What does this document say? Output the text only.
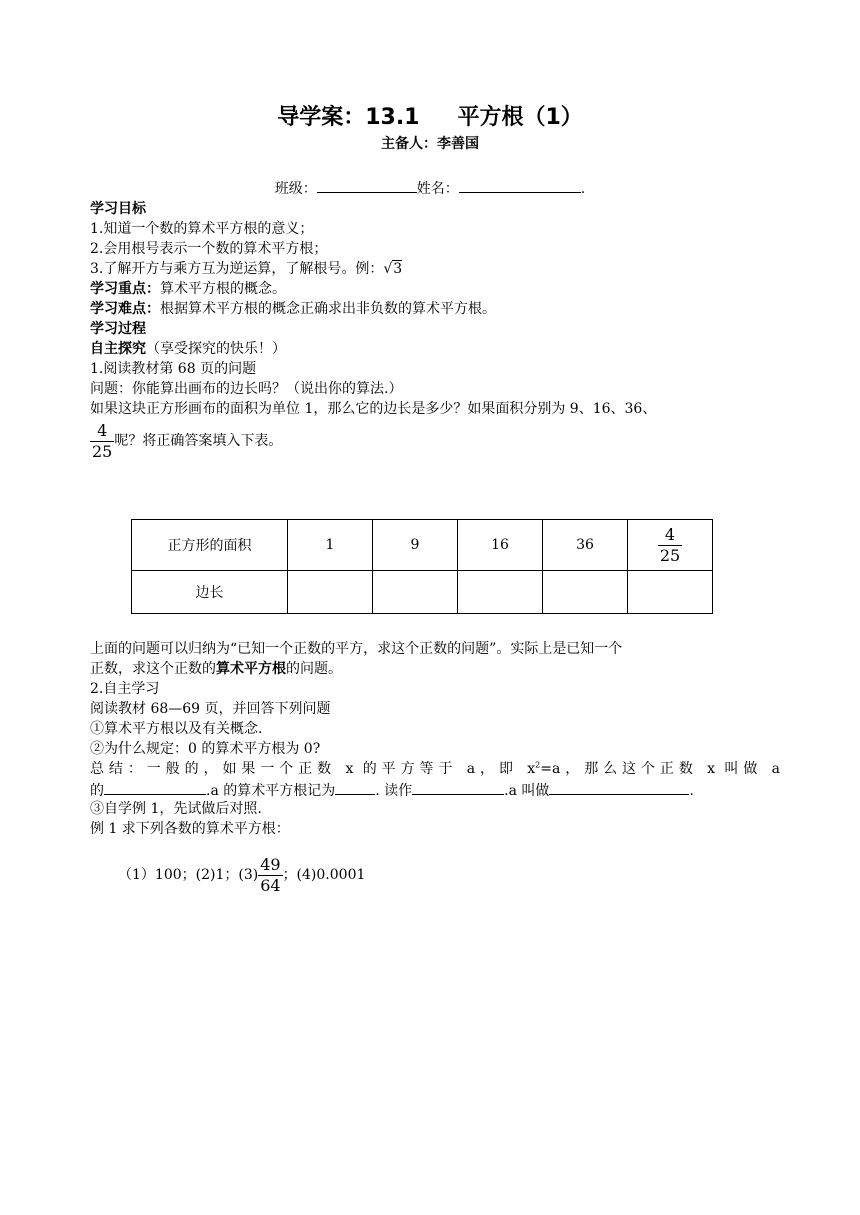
导学案：13.1 平方根（1）
主备人：李善国
班级：	姓名：	.
学习目标
1.知道一个数的算术平方根的意义；
2.会用根号表示一个数的算术平方根；
3.了解开方与乘方互为逆运算，了解根号。例：√3
学习重点：算术平方根的概念。
学习难点：根据算术平方根的概念正确求出非负数的算术平方根。
学习过程
自主探究（享受探究的快乐！）
1.阅读教材第 68 页的问题
问题：你能算出画布的边长吗？（说出你的算法.）
如果这块正方形画布的面积为单位 1，那么它的边长是多少？如果面积分别为 9、16、36、
$\frac{4}{25}$ 呢？将正确答案填入下表。
正方形的面积	1	9	16	36	$\frac{4}{25}$

边长					
上面的问题可以归纳为“已知一个正数的平方，求这个正数的问题”。实际上是已知一个
正数，求这个正数的算术平方根的问题。
2.自主学习
阅读教材 68—69 页，并回答下列问题
①算术平方根以及有关概念.
②为什么规定：0 的算术平方根为 0?
总结：一般的，如果一个正数 x 的平方等于 a，即 $x^2=a$，那么这个正数 x 叫做 a
的	.a 的算术平方根记为	. 读作	.a 叫做	.
③自学例 1，先试做后对照.
例 1 求下列各数的算术平方根：
（1）100；(2)1；$(3) \frac{49}{64}$ ；(4)0.0001
